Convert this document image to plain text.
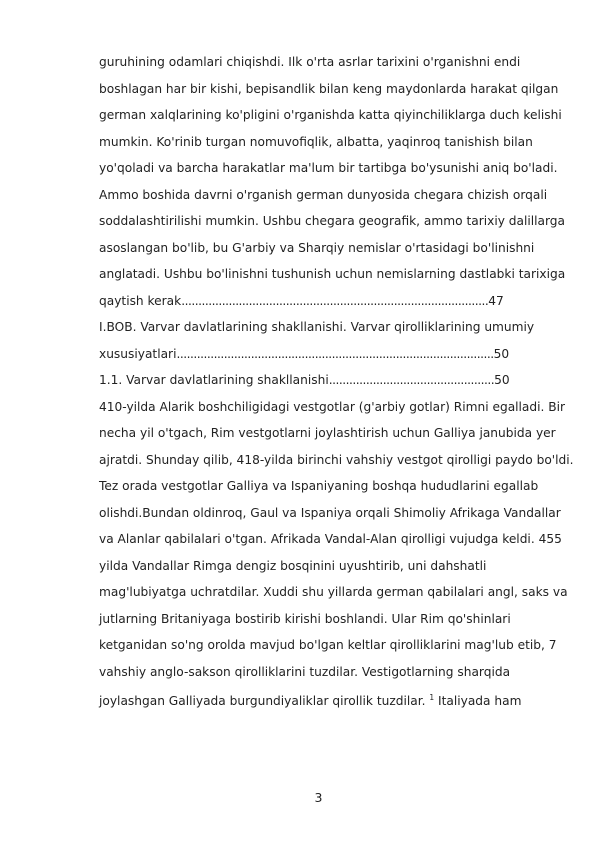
guruhining odamlari chiqishdi. Ilk o'rta asrlar tarixini o'rganishni endi
boshlagan har bir kishi, bepisandlik bilan keng maydonlarda harakat qilgan
german xalqlarining ko'pligini o'rganishda katta qiyinchiliklarga duch kelishi
mumkin. Ko'rinib turgan nomuvofiqlik, albatta, yaqinroq tanishish bilan
yo'qoladi va barcha harakatlar ma'lum bir tartibga bo'ysunishi aniq bo'ladi.
Ammo boshida davrni o'rganish german dunyosida chegara chizish orqali
soddalashtirilishi mumkin. Ushbu chegara geografik, ammo tarixiy dalillarga
asoslangan bo'lib, bu G'arbiy va Sharqiy nemislar o'rtasidagi bo'linishni
anglatadi. Ushbu bo'linishni tushunish uchun nemislarning dastlabki tarixiga
qaytish kerak...........................................................................................47
I.BOB. Varvar davlatlarining shakllanishi. Varvar qirolliklarining umumiy
xususiyatlari..............................................................................................50
1.1. Varvar davlatlarining shakllanishi.................................................50
410-yilda Alarik boshchiligidagi vestgotlar (g'arbiy gotlar) Rimni egalladi. Bir
necha yil o'tgach, Rim vestgotlarni joylashtirish uchun Galliya janubida yer
ajratdi. Shunday qilib, 418-yilda birinchi vahshiy vestgot qirolligi paydo bo'ldi.
Tez orada vestgotlar Galliya va Ispaniyaning boshqa hududlarini egallab
olishdi.Bundan oldinroq, Gaul va Ispaniya orqali Shimoliy Afrikaga Vandallar
va Alanlar qabilalari o'tgan. Afrikada Vandal-Alan qirolligi vujudga keldi. 455
yilda Vandallar Rimga dengiz bosqinini uyushtirib, uni dahshatli
mag'lubiyatga uchratdilar. Xuddi shu yillarda german qabilalari angl, saks va
jutlarning Britaniyaga bostirib kirishi boshlandi. Ular Rim qo'shinlari
ketganidan so'ng orolda mavjud bo'lgan keltlar qirolliklarini mag'lub etib, 7
vahshiy anglo-sakson qirolliklarini tuzdilar. Vestigotlarning sharqida
joylashgan Galliyada burgundiyaliklar qirollik tuzdilar. $^1$ Italiyada ham
3
